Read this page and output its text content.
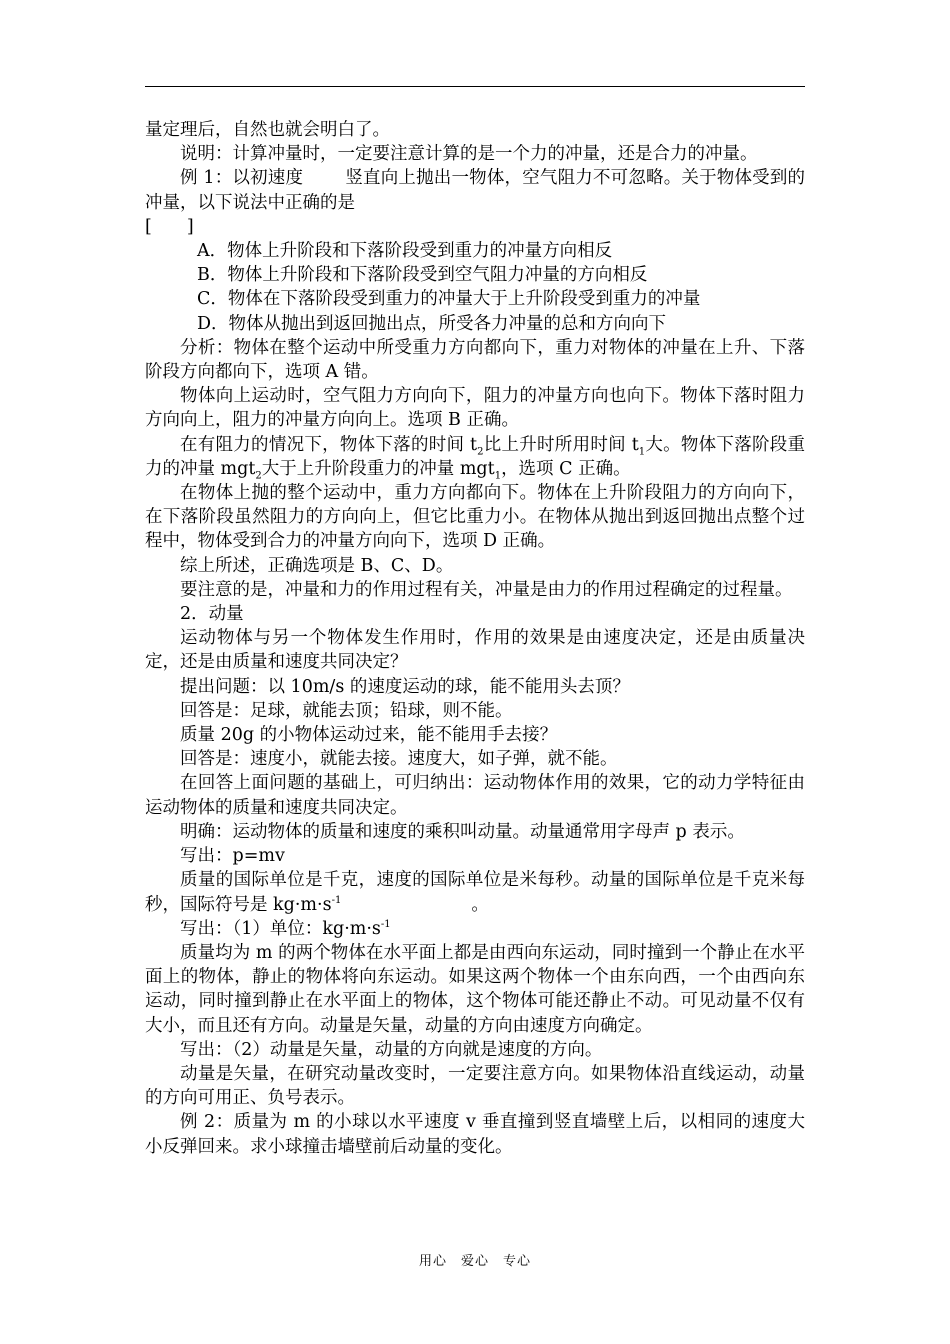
量定理后，自然也就会明白了。

说明：计算冲量时，一定要注意计算的是一个力的冲量，还是合力的冲量。

例 1：以初速度 竖直向上抛出一物体，空气阻力不可忽略。关于物体受到的冲量，以下说法中正确的是

[　　]

A．物体上升阶段和下落阶段受到重力的冲量方向相反

B．物体上升阶段和下落阶段受到空气阻力冲量的方向相反

C．物体在下落阶段受到重力的冲量大于上升阶段受到重力的冲量

D．物体从抛出到返回抛出点，所受各力冲量的总和方向向下

分析：物体在整个运动中所受重力方向都向下，重力对物体的冲量在上升、下落阶段方向都向下，选项 A 错。

物体向上运动时，空气阻力方向向下，阻力的冲量方向也向下。物体下落时阻力方向向上，阻力的冲量方向向上。选项 B 正确。

在有阻力的情况下，物体下落的时间 $t_2$比上升时所用时间 $t_1$大。物体下落阶段重力的冲量 mgt$_2$大于上升阶段重力的冲量 mgt$_1$，选项 C 正确。

在物体上抛的整个运动中，重力方向都向下。物体在上升阶段阻力的方向向下，在下落阶段虽然阻力的方向向上，但它比重力小。在物体从抛出到返回抛出点整个过程中，物体受到合力的冲量方向向下，选项 D 正确。

综上所述，正确选项是 B、C、D。

要注意的是，冲量和力的作用过程有关，冲量是由力的作用过程确定的过程量。

2．动量

运动物体与另一个物体发生作用时，作用的效果是由速度决定，还是由质量决定，还是由质量和速度共同决定？

提出问题：以 10m/s 的速度运动的球，能不能用头去顶？

回答是：足球，就能去顶；铅球，则不能。

质量 20g 的小物体运动过来，能不能用手去接？

回答是：速度小，就能去接。速度大，如子弹，就不能。

在回答上面问题的基础上，可归纳出：运动物体作用的效果，它的动力学特征由运动物体的质量和速度共同决定。

明确：运动物体的质量和速度的乘积叫动量。动量通常用字母声 p 表示。

写出：p=mv

质量的国际单位是千克，速度的国际单位是米每秒。动量的国际单位是千克米每秒，国际符号是 $kg\cdot m\cdot s^{-1}$	。

写出：（1）单位：$kg\cdot m\cdot s^{-1}$

质量均为 m 的两个物体在水平面上都是由西向东运动，同时撞到一个静止在水平面上的物体，静止的物体将向东运动。如果这两个物体一个由东向西，一个由西向东运动，同时撞到静止在水平面上的物体，这个物体可能还静止不动。可见动量不仅有大小，而且还有方向。动量是矢量，动量的方向由速度方向确定。

写出：（2）动量是矢量，动量的方向就是速度的方向。

动量是矢量，在研究动量改变时，一定要注意方向。如果物体沿直线运动，动量的方向可用正、负号表示。

例 2：质量为 m 的小球以水平速度 v 垂直撞到竖直墙壁上后，以相同的速度大小反弹回来。求小球撞击墙壁前后动量的变化。

用心　爱心　专心
